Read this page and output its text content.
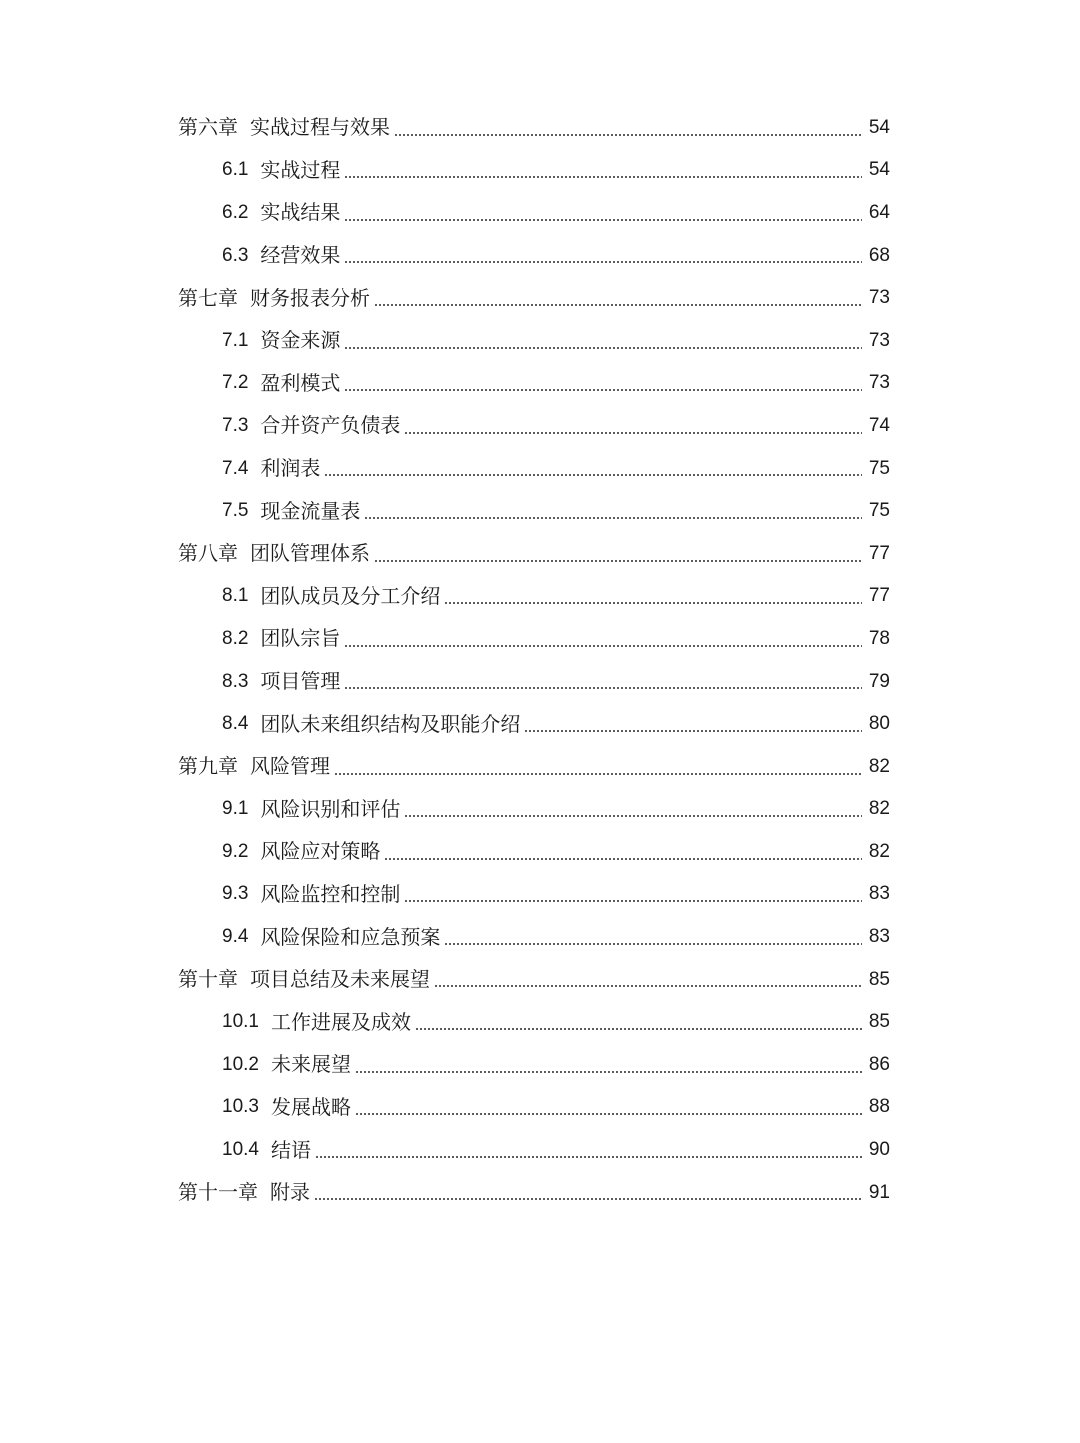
第六章 实战过程与效果	54
6.1 实战过程	54
6.2 实战结果	64
6.3 经营效果	68
第七章 财务报表分析	73
7.1 资金来源	73
7.2 盈利模式	73
7.3 合并资产负债表	74
7.4 利润表	75
7.5 现金流量表	75
第八章 团队管理体系	77
8.1 团队成员及分工介绍	77
8.2 团队宗旨	78
8.3 项目管理	79
8.4 团队未来组织结构及职能介绍	80
第九章 风险管理	82
9.1 风险识别和评估	82
9.2 风险应对策略	82
9.3 风险监控和控制	83
9.4 风险保险和应急预案	83
第十章 项目总结及未来展望	85
10.1 工作进展及成效	85
10.2 未来展望	86
10.3 发展战略	88
10.4 结语	90
第十一章 附录	91
